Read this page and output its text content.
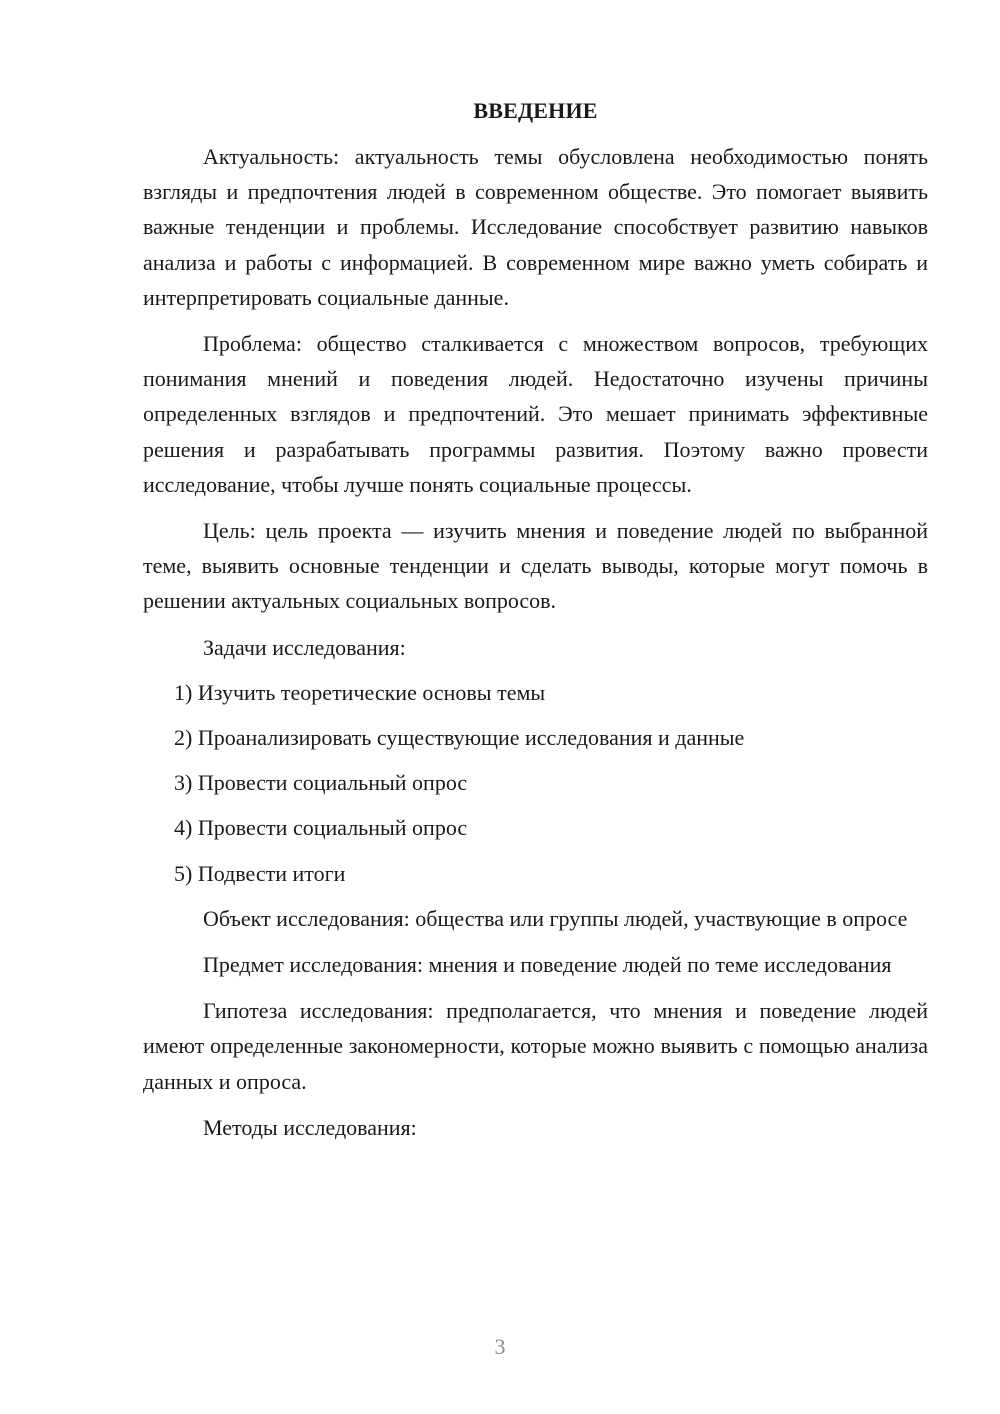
ВВЕДЕНИЕ

Актуальность: актуальность темы обусловлена необходимостью понять взгляды и предпочтения людей в современном обществе. Это помогает выявить важные тенденции и проблемы. Исследование способствует развитию навыков анализа и работы с информацией. В современном мире важно уметь собирать и интерпретировать социальные данные.

Проблема: общество сталкивается с множеством вопросов, требующих понимания мнений и поведения людей. Недостаточно изучены причины определенных взглядов и предпочтений. Это мешает принимать эффективные решения и разрабатывать программы развития. Поэтому важно провести исследование, чтобы лучше понять социальные процессы.

Цель: цель проекта — изучить мнения и поведение людей по выбранной теме, выявить основные тенденции и сделать выводы, которые могут помочь в решении актуальных социальных вопросов.

Задачи исследования:

1) Изучить теоретические основы темы
2) Проанализировать существующие исследования и данные
3) Провести социальный опрос
4) Провести социальный опрос
5) Подвести итоги

Объект исследования: общества или группы людей, участвующие в опросе

Предмет исследования: мнения и поведение людей по теме исследования

Гипотеза исследования: предполагается, что мнения и поведение людей имеют определенные закономерности, которые можно выявить с помощью анализа данных и опроса.

Методы исследования:

3
